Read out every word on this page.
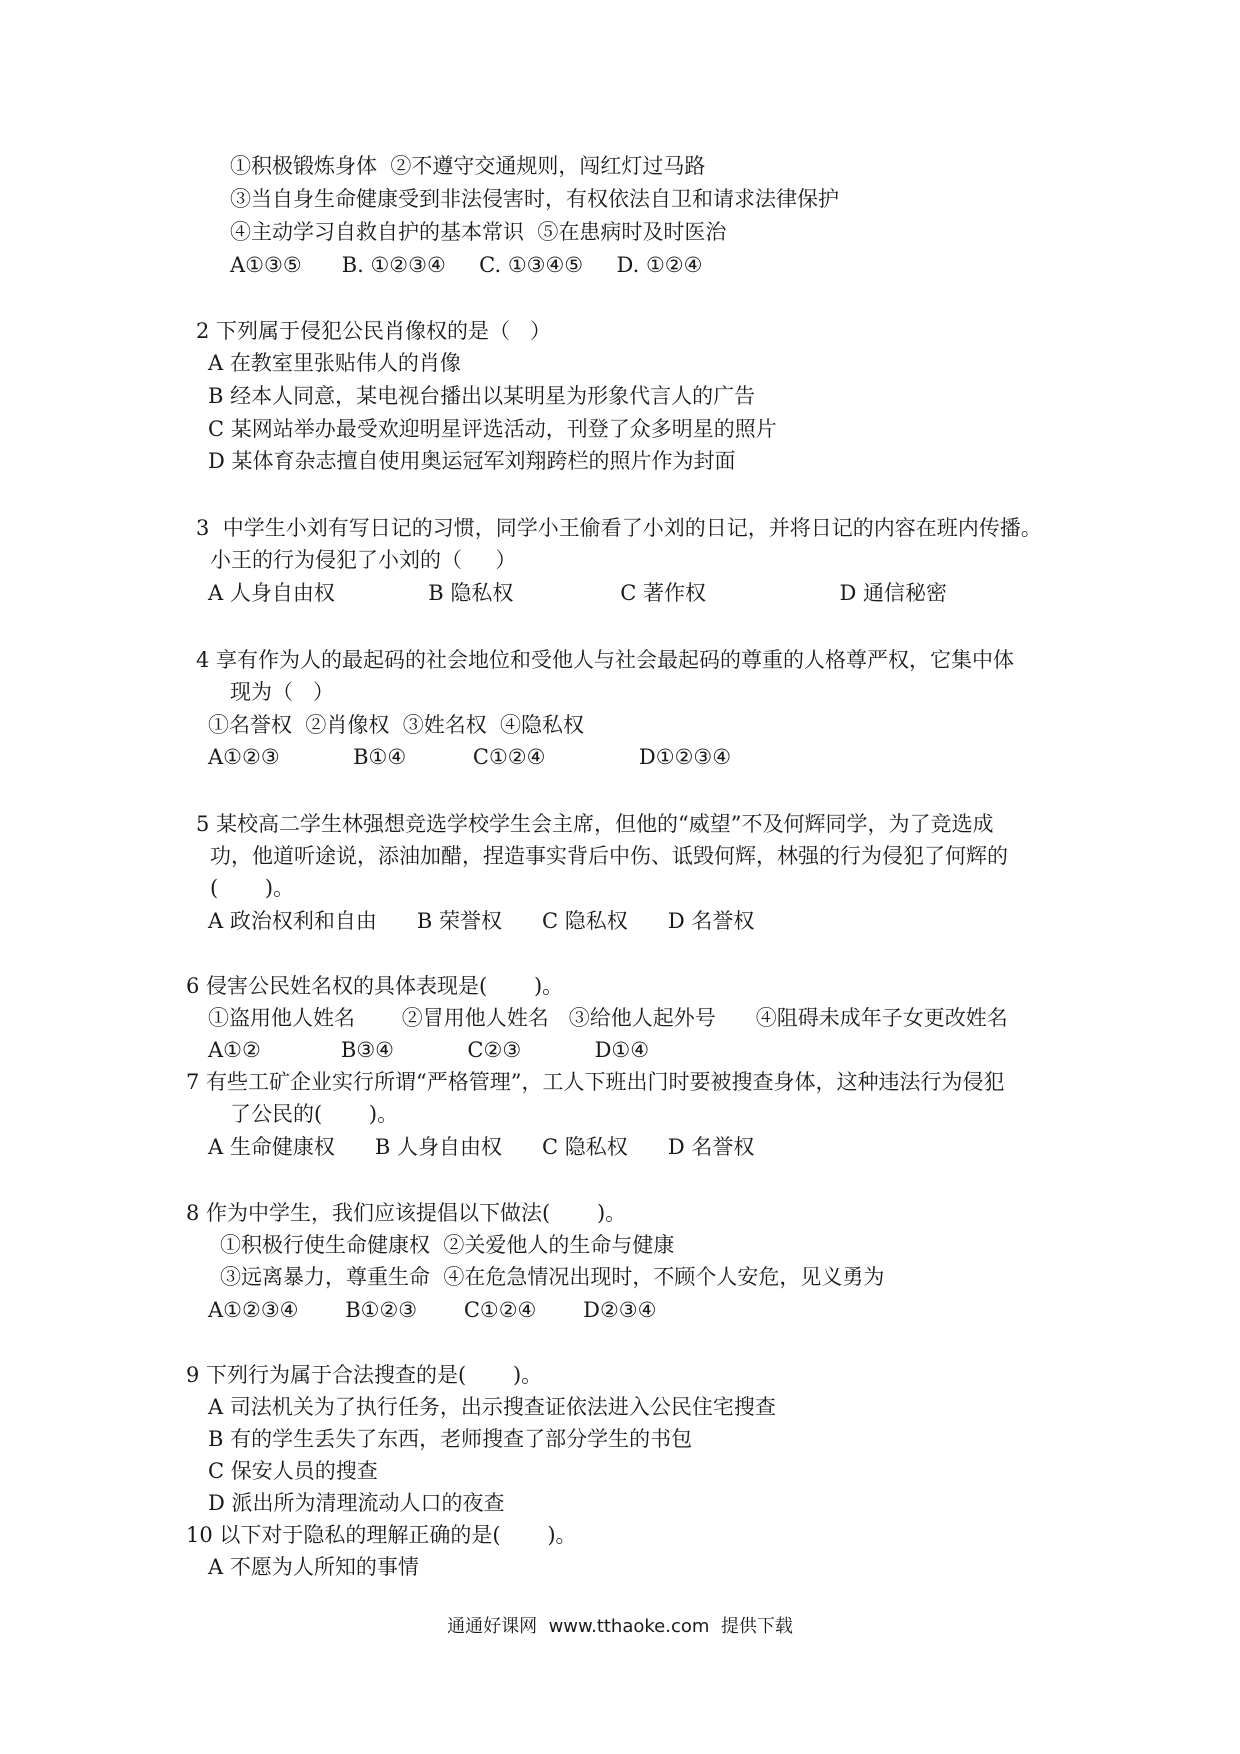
①积极锻炼身体  ②不遵守交通规则，闯红灯过马路
③当自身生命健康受到非法侵害时，有权依法自卫和请求法律保护
④主动学习自救自护的基本常识  ⑤在患病时及时医治
A①③⑤      B. ①②③④     C. ①③④⑤     D. ①②④
2 下列属于侵犯公民肖像权的是（   ）
A 在教室里张贴伟人的肖像
B 经本人同意，某电视台播出以某明星为形象代言人的广告
C 某网站举办最受欢迎明星评选活动，刊登了众多明星的照片
D 某体育杂志擅自使用奥运冠军刘翔跨栏的照片作为封面
3  中学生小刘有写日记的习惯，同学小王偷看了小刘的日记，并将日记的内容在班内传播。
小王的行为侵犯了小刘的（     ）
A 人身自由权              B 隐私权                C 著作权                    D 通信秘密
4 享有作为人的最起码的社会地位和受他人与社会最起码的尊重的人格尊严权，它集中体
现为（   ）
①名誉权  ②肖像权  ③姓名权  ④隐私权
A①②③           B①④          C①②④              D①②③④
5 某校高二学生林强想竞选学校学生会主席，但他的“威望”不及何辉同学，为了竞选成
功，他道听途说，添油加醋，捏造事实背后中伤、诋毁何辉，林强的行为侵犯了何辉的
(       )。
A 政治权利和自由      B 荣誉权      C 隐私权      D 名誉权
6 侵害公民姓名权的具体表现是(       )。
①盗用他人姓名       ②冒用他人姓名   ③给他人起外号      ④阻碍未成年子女更改姓名
A①②            B③④           C②③           D①④
7 有些工矿企业实行所谓“严格管理”，工人下班出门时要被搜查身体，这种违法行为侵犯
了公民的(       )。
A 生命健康权      B 人身自由权      C 隐私权      D 名誉权
8 作为中学生，我们应该提倡以下做法(       )。
①积极行使生命健康权  ②关爱他人的生命与健康
③远离暴力，尊重生命  ④在危急情况出现时，不顾个人安危，见义勇为
A①②③④       B①②③       C①②④       D②③④
9 下列行为属于合法搜查的是(       )。
A 司法机关为了执行任务，出示搜查证依法进入公民住宅搜查
B 有的学生丢失了东西，老师搜查了部分学生的书包
C 保安人员的搜查
D 派出所为清理流动人口的夜查
10 以下对于隐私的理解正确的是(       )。
A 不愿为人所知的事情
通通好课网  www.tthaoke.com  提供下载
